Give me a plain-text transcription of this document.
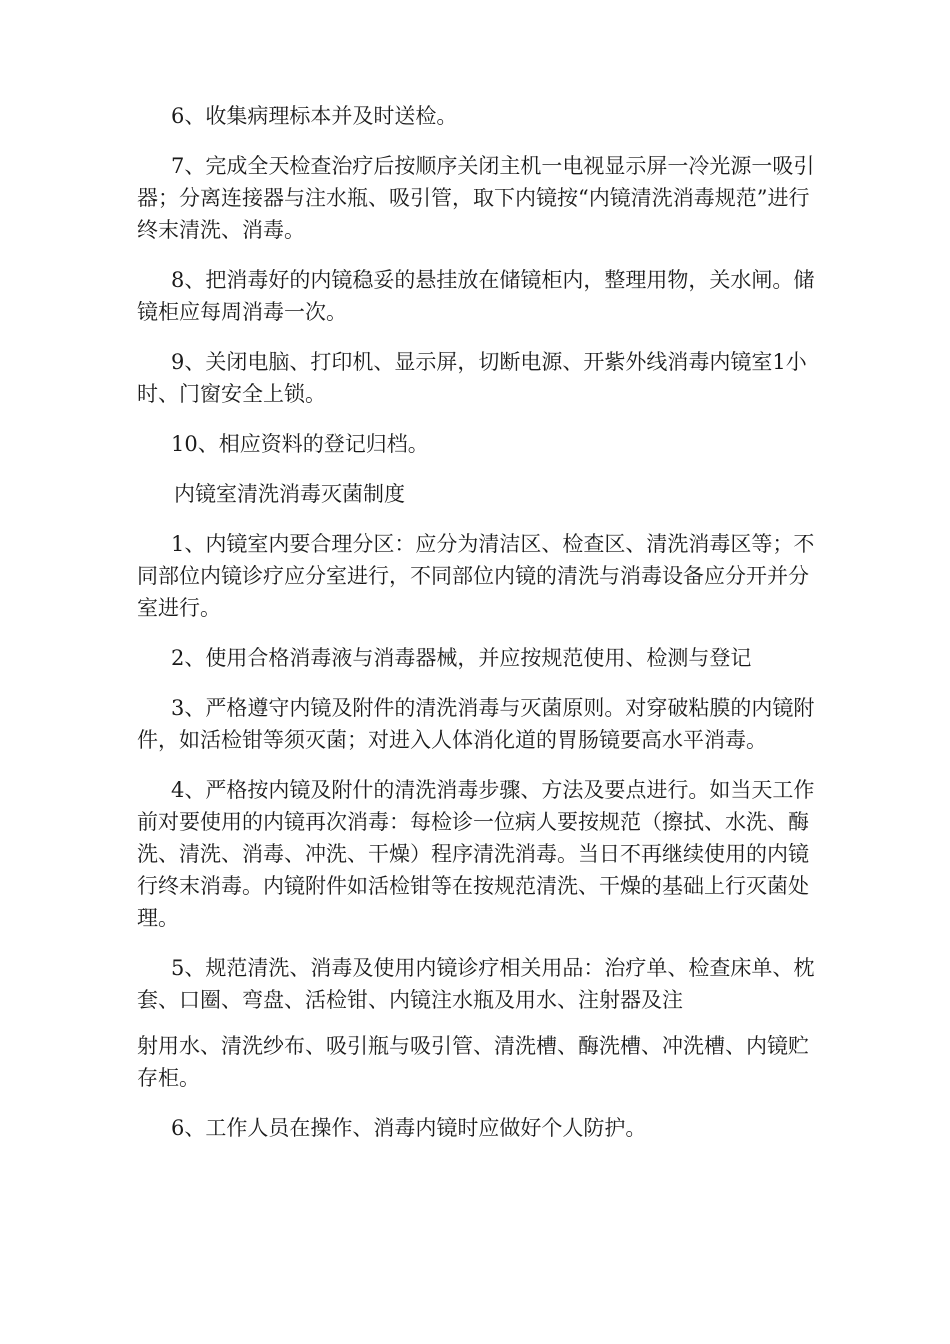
6、收集病理标本并及时送检。

7、完成全天检查治疗后按顺序关闭主机一电视显示屏一冷光源一吸引器；分离连接器与注水瓶、吸引管，取下内镜按“内镜清洗消毒规范”进行终末清洗、消毒。

8、把消毒好的内镜稳妥的悬挂放在储镜柜内，整理用物，关水闸。储镜柜应每周消毒一次。

9、关闭电脑、打印机、显示屏，切断电源、开紫外线消毒内镜室1小时、门窗安全上锁。

10、相应资料的登记归档。

内镜室清洗消毒灭菌制度

1、内镜室内要合理分区：应分为清洁区、检查区、清洗消毒区等；不同部位内镜诊疗应分室进行，不同部位内镜的清洗与消毒设备应分开并分室进行。

2、使用合格消毒液与消毒器械，并应按规范使用、检测与登记

3、严格遵守内镜及附件的清洗消毒与灭菌原则。对穿破粘膜的内镜附件，如活检钳等须灭菌；对进入人体消化道的胃肠镜要高水平消毒。

4、严格按内镜及附什的清洗消毒步骤、方法及要点进行。如当天工作前对要使用的内镜再次消毒：每检诊一位病人要按规范（擦拭、水洗、酶洗、清洗、消毒、冲洗、干燥）程序清洗消毒。当日不再继续使用的内镜行终末消毒。内镜附件如活检钳等在按规范清洗、干燥的基础上行灭菌处理。

5、规范清洗、消毒及使用内镜诊疗相关用品：治疗单、检查床单、枕套、口圈、弯盘、活检钳、内镜注水瓶及用水、注射器及注

射用水、清洗纱布、吸引瓶与吸引管、清洗槽、酶洗槽、冲洗槽、内镜贮存柜。

6、工作人员在操作、消毒内镜时应做好个人防护。
